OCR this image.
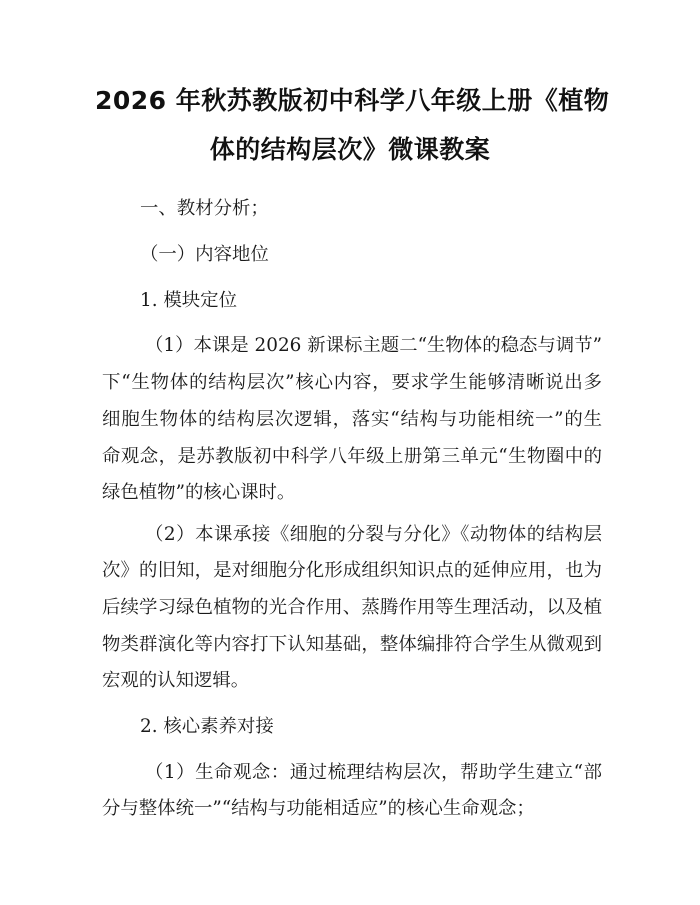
2026 年秋苏教版初中科学八年级上册《植物
体的结构层次》微课教案
一、教材分析；
（一）内容地位
1. 模块定位
（1）本课是 2026 新课标主题二“生物体的稳态与调节”
下“生物体的结构层次”核心内容，要求学生能够清晰说出多
细胞生物体的结构层次逻辑，落实“结构与功能相统一”的生
命观念，是苏教版初中科学八年级上册第三单元“生物圈中的
绿色植物”的核心课时。
（2）本课承接《细胞的分裂与分化》《动物体的结构层
次》的旧知，是对细胞分化形成组织知识点的延伸应用，也为
后续学习绿色植物的光合作用、蒸腾作用等生理活动，以及植
物类群演化等内容打下认知基础，整体编排符合学生从微观到
宏观的认知逻辑。
2. 核心素养对接
（1）生命观念：通过梳理结构层次，帮助学生建立“部
分与整体统一”“结构与功能相适应”的核心生命观念；
